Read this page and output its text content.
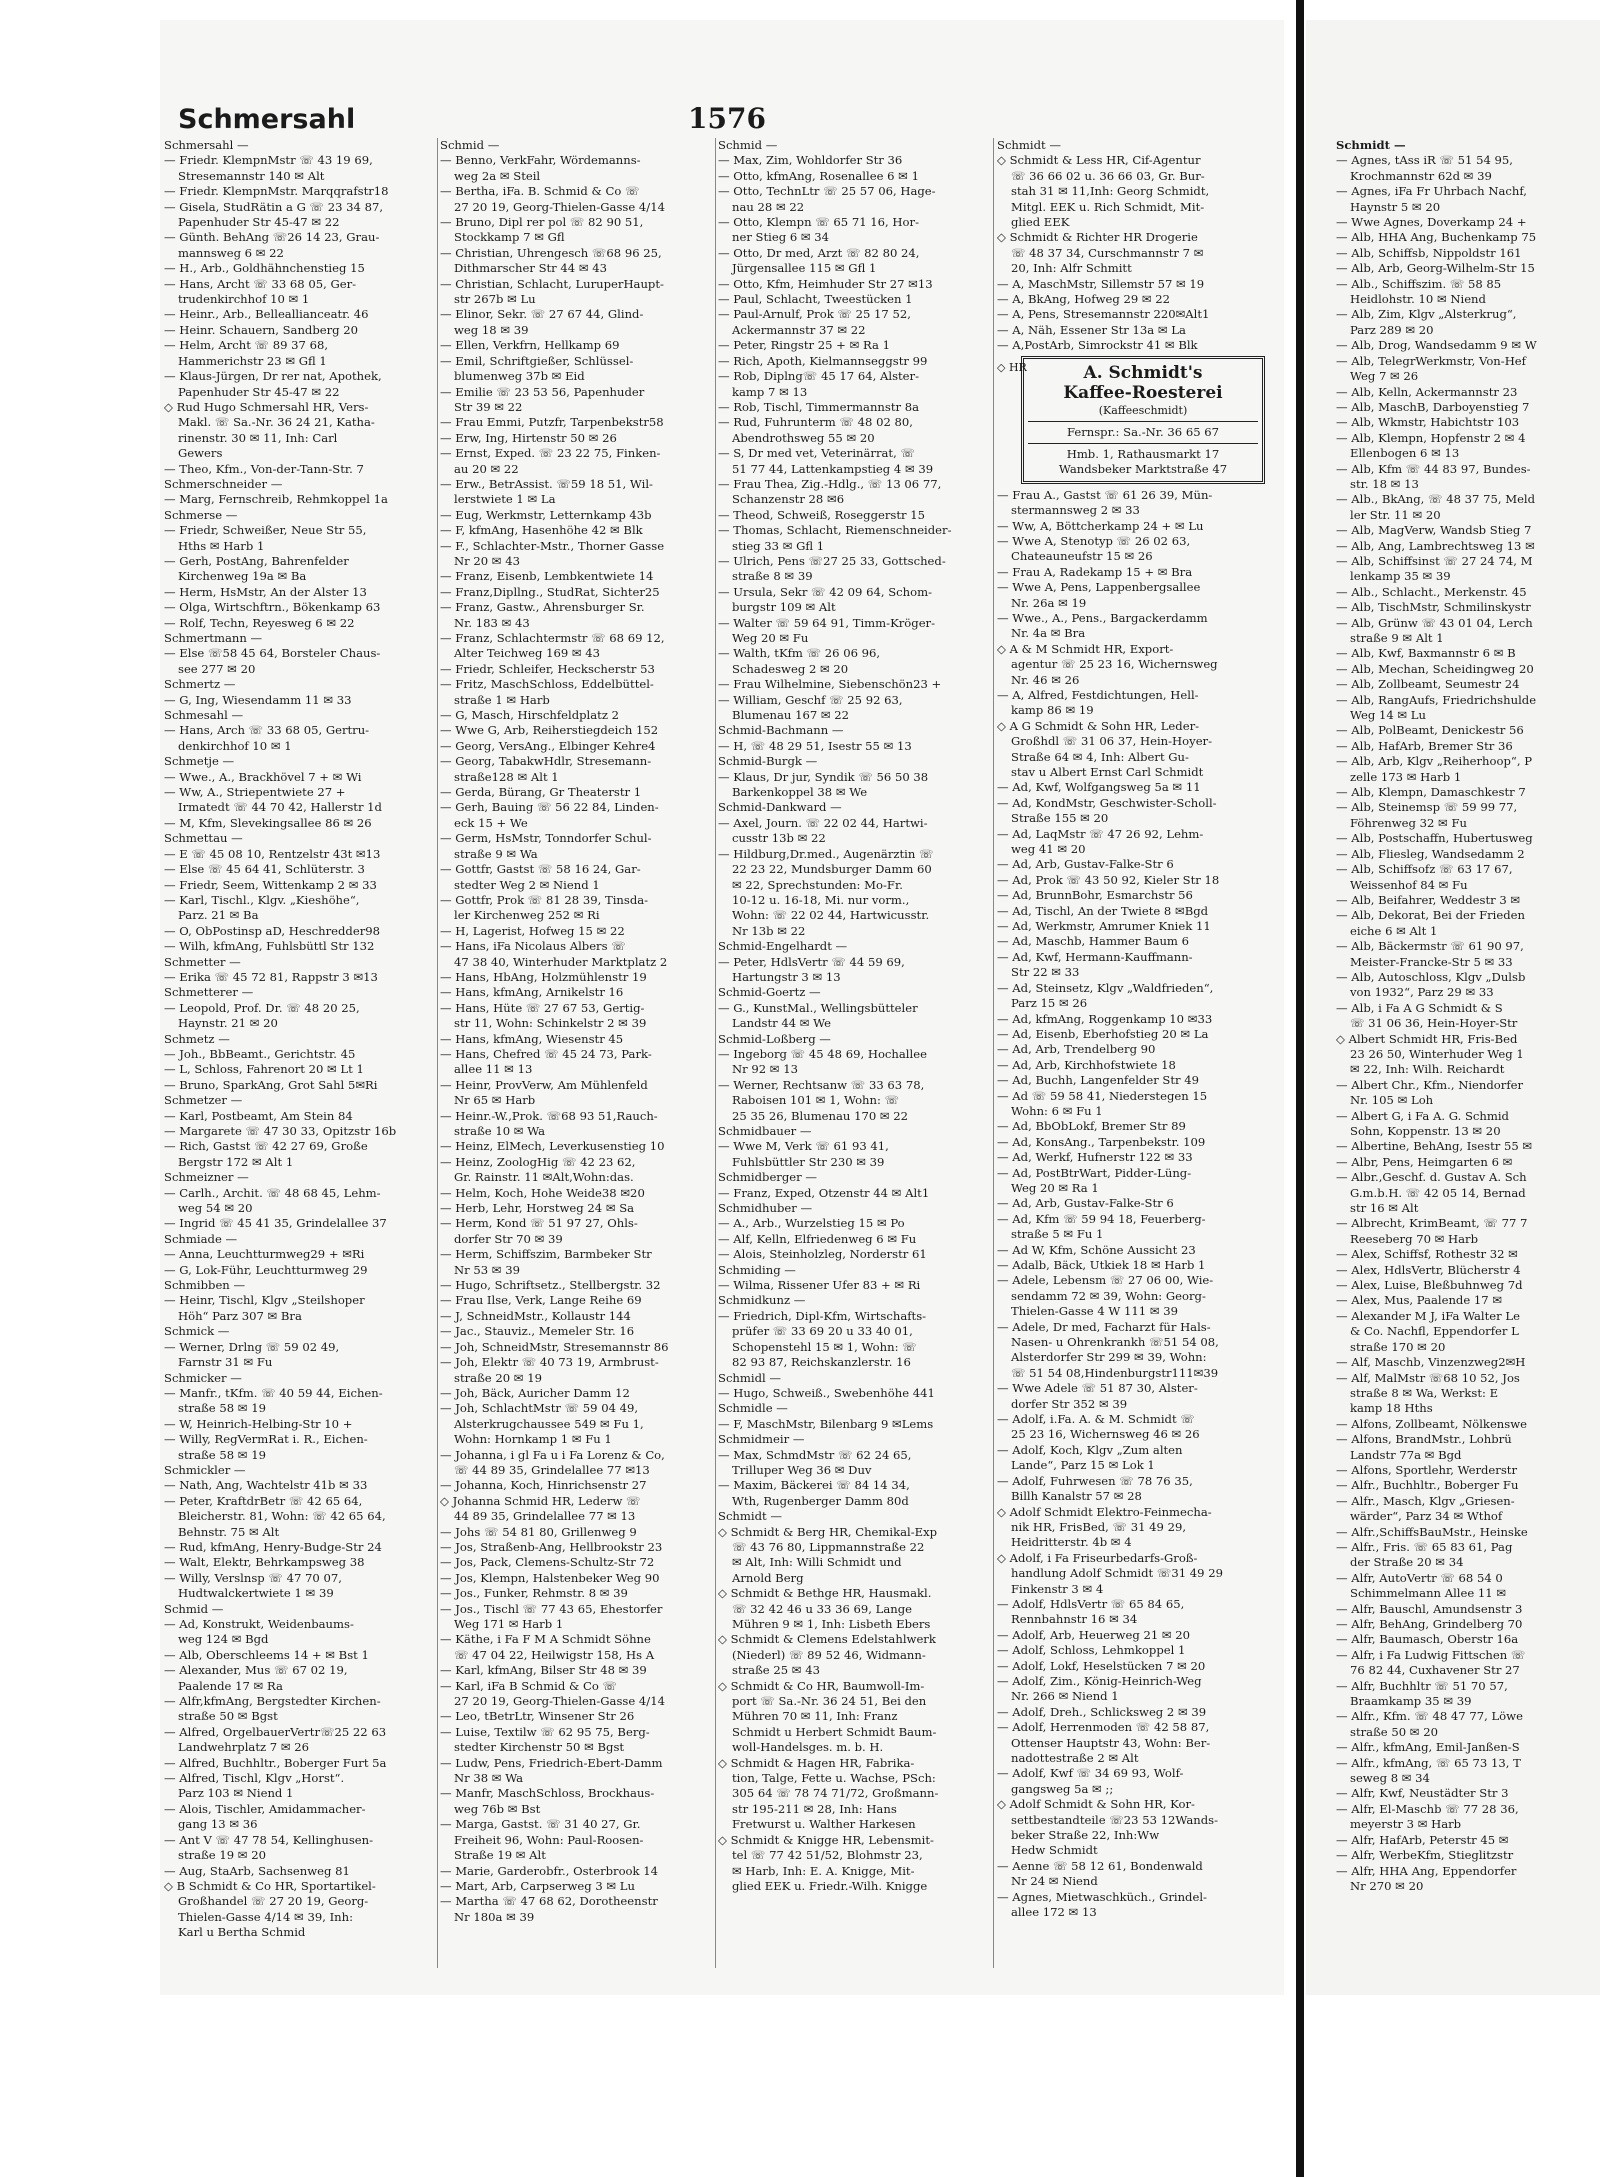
Schmersahl	1576
Schmersahl —
— Friedr. KlempnMstr ☏ 43 19 69,
Stresemannstr 140 ✉ Alt
— Friedr. KlempnMstr. Marqqrafstr18
— Gisela, StudRätin a G ☏ 23 34 87,
Papenhuder Str 45-47 ✉ 22
— Günth. BehAng ☏26 14 23, Grau-
mannsweg 6 ✉ 22
— H., Arb., Goldhähnchenstieg 15
— Hans, Archt ☏ 33 68 05, Ger-
trudenkirchhof 10 ✉ 1
— Heinr., Arb., Belleallianceatr. 46
— Heinr. Schauern, Sandberg 20
— Helm, Archt ☏ 89 37 68,
Hammerichstr 23 ✉ Gfl 1
— Klaus-Jürgen, Dr rer nat, Apothek,
Papenhuder Str 45-47 ✉ 22
◇ Rud Hugo Schmersahl HR, Vers-
Makl. ☏ Sa.-Nr. 36 24 21, Katha-
rinenstr. 30 ✉ 11, Inh: Carl
Gewers
— Theo, Kfm., Von-der-Tann-Str. 7
Schmerschneider —
— Marg, Fernschreib, Rehmkoppel 1a
Schmerse —
— Friedr, Schweißer, Neue Str 55,
Hths ✉ Harb 1
— Gerh, PostAng, Bahrenfelder
Kirchenweg 19a ✉ Ba
— Herm, HsMstr, An der Alster 13
— Olga, Wirtschftrn., Bökenkamp 63
— Rolf, Techn, Reyesweg 6 ✉ 22
Schmertmann —
— Else ☏58 45 64, Borsteler Chaus-
see 277 ✉ 20
Schmertz —
— G, Ing, Wiesendamm 11 ✉ 33
Schmesahl —
— Hans, Arch ☏ 33 68 05, Gertru-
denkirchhof 10 ✉ 1
Schmetje —
— Wwe., A., Brackhövel 7 + ✉ Wi
— Ww, A., Striepentwiete 27 +
Irmatedt ☏ 44 70 42, Hallerstr 1d
— M, Kfm, Slevekingsallee 86 ✉ 26
Schmettau —
— E ☏ 45 08 10, Rentzelstr 43t ✉13
— Else ☏ 45 64 41, Schlüterstr. 3
— Friedr, Seem, Wittenkamp 2 ✉ 33
— Karl, Tischl., Klgv. „Kieshöhe“,
Parz. 21 ✉ Ba
— O, ObPostinsp aD, Heschredder98
— Wilh, kfmAng, Fuhlsbüttl Str 132
Schmetter —
— Erika ☏ 45 72 81, Rappstr 3 ✉13
Schmetterer —
— Leopold, Prof. Dr. ☏ 48 20 25,
Haynstr. 21 ✉ 20
Schmetz —
— Joh., BbBeamt., Gerichtstr. 45
— L, Schloss, Fahrenort 20 ✉ Lt 1
— Bruno, SparkAng, Grot Sahl 5✉Ri
Schmetzer —
— Karl, Postbeamt, Am Stein 84
— Margarete ☏ 47 30 33, Opitzstr 16b
— Rich, Gastst ☏ 42 27 69, Große
Bergstr 172 ✉ Alt 1
Schmeizner —
— Carlh., Archit. ☏ 48 68 45, Lehm-
weg 54 ✉ 20
— Ingrid ☏ 45 41 35, Grindelallee 37
Schmiade —
— Anna, Leuchtturmweg29 + ✉Ri
— G, Lok-Führ, Leuchtturmweg 29
Schmibben —
— Heinr, Tischl, Klgv „Steilshoper
Höh“ Parz 307 ✉ Bra
Schmick —
— Werner, Drlng ☏ 59 02 49,
Farnstr 31 ✉ Fu
Schmicker —
— Manfr., tKfm. ☏ 40 59 44, Eichen-
straße 58 ✉ 19
— W, Heinrich-Helbing-Str 10 +
— Willy, RegVermRat i. R., Eichen-
straße 58 ✉ 19
Schmickler —
— Nath, Ang, Wachtelstr 41b ✉ 33
— Peter, KraftdrBetr ☏ 42 65 64,
Bleicherstr. 81, Wohn: ☏ 42 65 64,
Behnstr. 75 ✉ Alt
— Rud, kfmAng, Henry-Budge-Str 24
— Walt, Elektr, Behrkampsweg 38
— Willy, Verslnsp ☏ 47 70 07,
Hudtwalckertwiete 1 ✉ 39
Schmid —
— Ad, Konstrukt, Weidenbaums-
weg 124 ✉ Bgd
— Alb, Oberschleems 14 + ✉ Bst 1
— Alexander, Mus ☏ 67 02 19,
Paalende 17 ✉ Ra
— Alfr,kfmAng, Bergstedter Kirchen-
straße 50 ✉ Bgst
— Alfred, OrgelbauerVertr☏25 22 63
Landwehrplatz 7 ✉ 26
— Alfred, Buchhltr., Boberger Furt 5a
— Alfred, Tischl, Klgv „Horst“.
Parz 103 ✉ Niend 1
— Alois, Tischler, Amidammacher-
gang 13 ✉ 36
— Ant V ☏ 47 78 54, Kellinghusen-
straße 19 ✉ 20
— Aug, StaArb, Sachsenweg 81
◇ B Schmidt & Co HR, Sportartikel-
Großhandel ☏ 27 20 19, Georg-
Thielen-Gasse 4/14 ✉ 39, Inh:
Karl u Bertha Schmid
Schmid —
— Benno, VerkFahr, Wördemanns-
weg 2a ✉ Steil
— Bertha, iFa. B. Schmid & Co ☏
27 20 19, Georg-Thielen-Gasse 4/14
— Bruno, Dipl rer pol ☏ 82 90 51,
Stockkamp 7 ✉ Gfl
— Christian, Uhrengesch ☏68 96 25,
Dithmarscher Str 44 ✉ 43
— Christian, Schlacht, LuruperHaupt-
str 267b ✉ Lu
— Elinor, Sekr. ☏ 27 67 44, Glind-
weg 18 ✉ 39
— Ellen, Verkfrn, Hellkamp 69
— Emil, Schriftgießer, Schlüssel-
blumenweg 37b ✉ Eid
— Emilie ☏ 23 53 56, Papenhuder
Str 39 ✉ 22
— Frau Emmi, Putzfr, Tarpenbekstr58
— Erw, Ing, Hirtenstr 50 ✉ 26
— Ernst, Exped. ☏ 23 22 75, Finken-
au 20 ✉ 22
— Erw., BetrAssist. ☏59 18 51, Wil-
lerstwiete 1 ✉ La
— Eug, Werkmstr, Letternkamp 43b
— F, kfmAng, Hasenhöhe 42 ✉ Blk
— F., Schlachter-Mstr., Thorner Gasse
Nr 20 ✉ 43
— Franz, Eisenb, Lembkentwiete 14
— Franz,Dipllng., StudRat, Sichter25
— Franz, Gastw., Ahrensburger Sr.
Nr. 183 ✉ 43
— Franz, Schlachtermstr ☏ 68 69 12,
Alter Teichweg 169 ✉ 43
— Friedr, Schleifer, Heckscherstr 53
— Fritz, MaschSchloss, Eddelbüttel-
straße 1 ✉ Harb
— G, Masch, Hirschfeldplatz 2
— Wwe G, Arb, Reiherstiegdeich 152
— Georg, VersAng., Elbinger Kehre4
— Georg, TabakwHdlr, Stresemann-
straße128 ✉ Alt 1
— Gerda, Bürang, Gr Theaterstr 1
— Gerh, Bauing ☏ 56 22 84, Linden-
eck 15 + We
— Germ, HsMstr, Tonndorfer Schul-
straße 9 ✉ Wa
— Gottfr, Gastst ☏ 58 16 24, Gar-
stedter Weg 2 ✉ Niend 1
— Gottfr, Prok ☏ 81 28 39, Tinsda-
ler Kirchenweg 252 ✉ Ri
— H, Lagerist, Hofweg 15 ✉ 22
— Hans, iFa Nicolaus Albers ☏
47 38 40, Winterhuder Marktplatz 2
— Hans, HbAng, Holzmühlenstr 19
— Hans, kfmAng, Arnikelstr 16
— Hans, Hüte ☏ 27 67 53, Gertig-
str 11, Wohn: Schinkelstr 2 ✉ 39
— Hans, kfmAng, Wiesenstr 45
— Hans, Chefred ☏ 45 24 73, Park-
allee 11 ✉ 13
— Heinr, ProvVerw, Am Mühlenfeld
Nr 65 ✉ Harb
— Heinr.-W.,Prok. ☏68 93 51,Rauch-
straße 10 ✉ Wa
— Heinz, ElMech, Leverkusenstieg 10
— Heinz, ZoologHig ☏ 42 23 62,
Gr. Rainstr. 11 ✉Alt,Wohn:das.
— Helm, Koch, Hohe Weide38 ✉20
— Herb, Lehr, Horstweg 24 ✉ Sa
— Herm, Kond ☏ 51 97 27, Ohls-
dorfer Str 70 ✉ 39
— Herm, Schiffszim, Barmbeker Str
Nr 53 ✉ 39
— Hugo, Schriftsetz., Stellbergstr. 32
— Frau Ilse, Verk, Lange Reihe 69
— J, SchneidMstr., Kollaustr 144
— Jac., Stauviz., Memeler Str. 16
— Joh, SchneidMstr, Stresemannstr 86
— Joh, Elektr ☏ 40 73 19, Armbrust-
straße 20 ✉ 19
— Joh, Bäck, Auricher Damm 12
— Joh, SchlachtMstr ☏ 59 04 49,
Alsterkrugchaussee 549 ✉ Fu 1,
Wohn: Hornkamp 1 ✉ Fu 1
— Johanna, i gl Fa u i Fa Lorenz & Co,
☏ 44 89 35, Grindelallee 77 ✉13
— Johanna, Koch, Hinrichsenstr 27
◇ Johanna Schmid HR, Lederw ☏
44 89 35, Grindelallee 77 ✉ 13
— Johs ☏ 54 81 80, Grillenweg 9
— Jos, Straßenb-Ang, Hellbrookstr 23
— Jos, Pack, Clemens-Schultz-Str 72
— Jos, Klempn, Halstenbeker Weg 90
— Jos., Funker, Rehmstr. 8 ✉ 39
— Jos., Tischl ☏ 77 43 65, Ehestorfer
Weg 171 ✉ Harb 1
— Käthe, i Fa F M A Schmidt Söhne
☏ 47 04 22, Heilwigstr 158, Hs A
— Karl, kfmAng, Bilser Str 48 ✉ 39
— Karl, iFa B Schmid & Co ☏
27 20 19, Georg-Thielen-Gasse 4/14
— Leo, tBetrLtr, Winsener Str 26
— Luise, Textilw ☏ 62 95 75, Berg-
stedter Kirchenstr 50 ✉ Bgst
— Ludw, Pens, Friedrich-Ebert-Damm
Nr 38 ✉ Wa
— Manfr, MaschSchloss, Brockhaus-
weg 76b ✉ Bst
— Marga, Gastst. ☏ 31 40 27, Gr.
Freiheit 96, Wohn: Paul-Roosen-
Straße 19 ✉ Alt
— Marie, Garderobfr., Osterbrook 14
— Mart, Arb, Carpserweg 3 ✉ Lu
— Martha ☏ 47 68 62, Dorotheenstr
Nr 180a ✉ 39
Schmid —
— Max, Zim, Wohldorfer Str 36
— Otto, kfmAng, Rosenallee 6 ✉ 1
— Otto, TechnLtr ☏ 25 57 06, Hage-
nau 28 ✉ 22
— Otto, Klempn ☏ 65 71 16, Hor-
ner Stieg 6 ✉ 34
— Otto, Dr med, Arzt ☏ 82 80 24,
Jürgensallee 115 ✉ Gfl 1
— Otto, Kfm, Heimhuder Str 27 ✉13
— Paul, Schlacht, Tweestücken 1
— Paul-Arnulf, Prok ☏ 25 17 52,
Ackermannstr 37 ✉ 22
— Peter, Ringstr 25 + ✉ Ra 1
— Rich, Apoth, Kielmannseggstr 99
— Rob, Diplng☏ 45 17 64, Alster-
kamp 7 ✉ 13
— Rob, Tischl, Timmermannstr 8a
— Rud, Fuhrunterm ☏ 48 02 80,
Abendrothsweg 55 ✉ 20
— S, Dr med vet, Veterinärrat, ☏
51 77 44, Lattenkampstieg 4 ✉ 39
— Frau Thea, Zig.-Hdlg., ☏ 13 06 77,
Schanzenstr 28 ✉6
— Theod, Schweiß, Roseggerstr 15
— Thomas, Schlacht, Riemenschneider-
stieg 33 ✉ Gfl 1
— Ulrich, Pens ☏27 25 33, Gottsched-
straße 8 ✉ 39
— Ursula, Sekr ☏ 42 09 64, Schom-
burgstr 109 ✉ Alt
— Walter ☏ 59 64 91, Timm-Kröger-
Weg 20 ✉ Fu
— Walth, tKfm ☏ 26 06 96,
Schadesweg 2 ✉ 20
— Frau Wilhelmine, Siebenschön23 +
— William, Geschf ☏ 25 92 63,
Blumenau 167 ✉ 22
Schmid-Bachmann —
— H, ☏ 48 29 51, Isestr 55 ✉ 13
Schmid-Burgk —
— Klaus, Dr jur, Syndik ☏ 56 50 38
Barkenkoppel 38 ✉ We
Schmid-Dankward —
— Axel, Journ. ☏ 22 02 44, Hartwi-
cusstr 13b ✉ 22
— Hildburg,Dr.med., Augenärztin ☏
22 23 22, Mundsburger Damm 60
✉ 22, Sprechstunden: Mo-Fr.
10-12 u. 16-18, Mi. nur vorm.,
Wohn: ☏ 22 02 44, Hartwicusstr.
Nr 13b ✉ 22
Schmid-Engelhardt —
— Peter, HdlsVertr ☏ 44 59 69,
Hartungstr 3 ✉ 13
Schmid-Goertz —
— G., KunstMal., Wellingsbütteler
Landstr 44 ✉ We
Schmid-Loßberg —
— Ingeborg ☏ 45 48 69, Hochallee
Nr 92 ✉ 13
— Werner, Rechtsanw ☏ 33 63 78,
Raboisen 101 ✉ 1, Wohn: ☏
25 35 26, Blumenau 170 ✉ 22
Schmidbauer —
— Wwe M, Verk ☏ 61 93 41,
Fuhlsbüttler Str 230 ✉ 39
Schmidberger —
— Franz, Exped, Otzenstr 44 ✉ Alt1
Schmidhuber —
— A., Arb., Wurzelstieg 15 ✉ Po
— Alf, Kelln, Elfriedenweg 6 ✉ Fu
— Alois, Steinholzleg, Norderstr 61
Schmiding —
— Wilma, Rissener Ufer 83 + ✉ Ri
Schmidkunz —
— Friedrich, Dipl-Kfm, Wirtschafts-
prüfer ☏ 33 69 20 u 33 40 01,
Schopenstehl 15 ✉ 1, Wohn: ☏
82 93 87, Reichskanzlerstr. 16
Schmidl —
— Hugo, Schweiß., Swebenhöhe 441
Schmidle —
— F, MaschMstr, Bilenbarg 9 ✉Lems
Schmidmeir —
— Max, SchmdMstr ☏ 62 24 65,
Trilluper Weg 36 ✉ Duv
— Maxim, Bäckerei ☏ 84 14 34,
Wth, Rugenberger Damm 80d
Schmidt —
◇ Schmidt & Berg HR, Chemikal-Exp
☏ 43 76 80, Lippmannstraße 22
✉ Alt, Inh: Willi Schmidt und
Arnold Berg
◇ Schmidt & Bethge HR, Hausmakl.
☏ 32 42 46 u 33 36 69, Lange
Mühren 9 ✉ 1, Inh: Lisbeth Ebers
◇ Schmidt & Clemens Edelstahlwerk
(Niederl) ☏ 89 52 46, Widmann-
straße 25 ✉ 43
◇ Schmidt & Co HR, Baumwoll-Im-
port ☏ Sa.-Nr. 36 24 51, Bei den
Mühren 70 ✉ 11, Inh: Franz
Schmidt u Herbert Schmidt Baum-
woll-Handelsges. m. b. H.
◇ Schmidt & Hagen HR, Fabrika-
tion, Talge, Fette u. Wachse, PSch:
305 64 ☏ 78 74 71/72, Großmann-
str 195-211 ✉ 28, Inh: Hans
Fretwurst u. Walther Harkesen
◇ Schmidt & Knigge HR, Lebensmit-
tel ☏ 77 42 51/52, Blohmstr 23,
✉ Harb, Inh: E. A. Knigge, Mit-
glied EEK u. Friedr.-Wilh. Knigge
Schmidt —
◇ Schmidt & Less HR, Cif-Agentur
☏ 36 66 02 u. 36 66 03, Gr. Bur-
stah 31 ✉ 11,Inh: Georg Schmidt,
Mitgl. EEK u. Rich Schmidt, Mit-
glied EEK
◇ Schmidt & Richter HR Drogerie
☏ 48 37 34, Curschmannstr 7 ✉
20, Inh: Alfr Schmitt
— A, MaschMstr, Sillemstr 57 ✉ 19
— A, BkAng, Hofweg 29 ✉ 22
— A, Pens, Stresemannstr 220✉Alt1
— A, Näh, Essener Str 13a ✉ La
— A,PostArb, Simrockstr 41 ✉ Blk
◇ HR	A. Schmidt's
Kaffee-Roesterei
(Kaffeeschmidt)
Fernspr.: Sa.-Nr. 36 65 67
Hmb. 1, Rathausmarkt 17
Wandsbeker Marktstraße 47
— Frau A., Gastst ☏ 61 26 39, Mün-
stermannsweg 2 ✉ 33
— Ww, A, Böttcherkamp 24 + ✉ Lu
— Wwe A, Stenotyp ☏ 26 02 63,
Chateauneufstr 15 ✉ 26
— Frau A, Radekamp 15 + ✉ Bra
— Wwe A, Pens, Lappenbergsallee
Nr. 26a ✉ 19
— Wwe., A., Pens., Bargackerdamm
Nr. 4a ✉ Bra
◇ A & M Schmidt HR, Export-
agentur ☏ 25 23 16, Wichernsweg
Nr. 46 ✉ 26
— A, Alfred, Festdichtungen, Hell-
kamp 86 ✉ 19
◇ A G Schmidt & Sohn HR, Leder-
Großhdl ☏ 31 06 37, Hein-Hoyer-
Straße 64 ✉ 4, Inh: Albert Gu-
stav u Albert Ernst Carl Schmidt
— Ad, Kwf, Wolfgangsweg 5a ✉ 11
— Ad, KondMstr, Geschwister-Scholl-
Straße 155 ✉ 20
— Ad, LaqMstr ☏ 47 26 92, Lehm-
weg 41 ✉ 20
— Ad, Arb, Gustav-Falke-Str 6
— Ad, Prok ☏ 43 50 92, Kieler Str 18
— Ad, BrunnBohr, Esmarchstr 56
— Ad, Tischl, An der Twiete 8 ✉Bgd
— Ad, Werkmstr, Amrumer Kniek 11
— Ad, Maschb, Hammer Baum 6
— Ad, Kwf, Hermann-Kauffmann-
Str 22 ✉ 33
— Ad, Steinsetz, Klgv „Waldfrieden“,
Parz 15 ✉ 26
— Ad, kfmAng, Roggenkamp 10 ✉33
— Ad, Eisenb, Eberhofstieg 20 ✉ La
— Ad, Arb, Trendelberg 90
— Ad, Arb, Kirchhofstwiete 18
— Ad, Buchh, Langenfelder Str 49
— Ad ☏ 59 58 41, Niederstegen 15
Wohn: 6 ✉ Fu 1
— Ad, BbObLokf, Bremer Str 89
— Ad, KonsAng., Tarpenbekstr. 109
— Ad, Werkf, Hufnerstr 122 ✉ 33
— Ad, PostBtrWart, Pidder-Lüng-
Weg 20 ✉ Ra 1
— Ad, Arb, Gustav-Falke-Str 6
— Ad, Kfm ☏ 59 94 18, Feuerberg-
straße 5 ✉ Fu 1
— Ad W, Kfm, Schöne Aussicht 23
— Adalb, Bäck, Utkiek 18 ✉ Harb 1
— Adele, Lebensm ☏ 27 06 00, Wie-
sendamm 72 ✉ 39, Wohn: Georg-
Thielen-Gasse 4 W 111 ✉ 39
— Adele, Dr med, Facharzt für Hals-
Nasen- u Ohrenkrankh ☏51 54 08,
Alsterdorfer Str 299 ✉ 39, Wohn:
☏ 51 54 08,Hindenburgstr111✉39
— Wwe Adele ☏ 51 87 30, Alster-
dorfer Str 352 ✉ 39
— Adolf, i.Fa. A. & M. Schmidt ☏
25 23 16, Wichernsweg 46 ✉ 26
— Adolf, Koch, Klgv „Zum alten
Lande“, Parz 15 ✉ Lok 1
— Adolf, Fuhrwesen ☏ 78 76 35,
Billh Kanalstr 57 ✉ 28
◇ Adolf Schmidt Elektro-Feinmecha-
nik HR, FrisBed, ☏ 31 49 29,
Heidritterstr. 4b ✉ 4
◇ Adolf, i Fa Friseurbedarfs-Groß-
handlung Adolf Schmidt ☏31 49 29
Finkenstr 3 ✉ 4
— Adolf, HdlsVertr ☏ 65 84 65,
Rennbahnstr 16 ✉ 34
— Adolf, Arb, Heuerweg 21 ✉ 20
— Adolf, Schloss, Lehmkoppel 1
— Adolf, Lokf, Heselstücken 7 ✉ 20
— Adolf, Zim., König-Heinrich-Weg
Nr. 266 ✉ Niend 1
— Adolf, Dreh., Schlicksweg 2 ✉ 39
— Adolf, Herrenmoden ☏ 42 58 87,
Ottenser Hauptstr 43, Wohn: Ber-
nadottestraße 2 ✉ Alt
— Adolf, Kwf ☏ 34 69 93, Wolf-
gangsweg 5a ✉ ;;
◇ Adolf Schmidt & Sohn HR, Kor-
settbestandteile ☏23 53 12Wands-
beker Straße 22, Inh:Ww
Hedw Schmidt
— Aenne ☏ 58 12 61, Bondenwald
Nr 24 ✉ Niend
— Agnes, Mietwaschküch., Grindel-
allee 172 ✉ 13
Schmidt —
— Agnes, tAss iR ☏ 51 54 95,
Krochmannstr 62d ✉ 39
— Agnes, iFa Fr Uhrbach Nachf,
Haynstr 5 ✉ 20
— Wwe Agnes, Doverkamp 24 +
— Alb, HHA Ang, Buchenkamp 75
— Alb, Schiffsb, Nippoldstr 161
— Alb, Arb, Georg-Wilhelm-Str 15
— Alb., Schiffszim. ☏ 58 85
Heidlohstr. 10 ✉ Niend
— Alb, Zim, Klgv „Alsterkrug“,
Parz 289 ✉ 20
— Alb, Drog, Wandsedamm 9 ✉ W
— Alb, TelegrWerkmstr, Von-Hef
Weg 7 ✉ 26
— Alb, Kelln, Ackermannstr 23
— Alb, MaschB, Darboyenstieg 7
— Alb, Wkmstr, Habichtstr 103
— Alb, Klempn, Hopfenstr 2 ✉ 4
Ellenbogen 6 ✉ 13
— Alb, Kfm ☏ 44 83 97, Bundes-
str. 18 ✉ 13
— Alb., BkAng, ☏ 48 37 75, Meld
ler Str. 11 ✉ 20
— Alb, MagVerw, Wandsb Stieg 7
— Alb, Ang, Lambrechtsweg 13 ✉
— Alb, Schiffsinst ☏ 27 24 74, M
lenkamp 35 ✉ 39
— Alb., Schlacht., Merkenstr. 45
— Alb, TischMstr, Schmilinskystr
— Alb, Grünw ☏ 43 01 04, Lerch
straße 9 ✉ Alt 1
— Alb, Kwf, Baxmannstr 6 ✉ B
— Alb, Mechan, Scheidingweg 20
— Alb, Zollbeamt, Seumestr 24
— Alb, RangAufs, Friedrichshulde
Weg 14 ✉ Lu
— Alb, PolBeamt, Denickestr 56
— Alb, HafArb, Bremer Str 36
— Alb, Arb, Klgv „Reiherhoop“, P
zelle 173 ✉ Harb 1
— Alb, Klempn, Damaschkestr 7
— Alb, Steinemsp ☏ 59 99 77,
Föhrenweg 32 ✉ Fu
— Alb, Postschaffn, Hubertusweg
— Alb, Fliesleg, Wandsedamm 2
— Alb, Schiffsofz ☏ 63 17 67,
Weissenhof 84 ✉ Fu
— Alb, Beifahrer, Weddestr 3 ✉
— Alb, Dekorat, Bei der Frieden
eiche 6 ✉ Alt 1
— Alb, Bäckermstr ☏ 61 90 97,
Meister-Francke-Str 5 ✉ 33
— Alb, Autoschloss, Klgv „Dulsb
von 1932“, Parz 29 ✉ 33
— Alb, i Fa A G Schmidt & S
☏ 31 06 36, Hein-Hoyer-Str
◇ Albert Schmidt HR, Fris-Bed
23 26 50, Winterhuder Weg 1
✉ 22, Inh: Wilh. Reichardt
— Albert Chr., Kfm., Niendorfer
Nr. 105 ✉ Loh
— Albert G, i Fa A. G. Schmid
Sohn, Koppenstr. 13 ✉ 20
— Albertine, BehAng, Isestr 55 ✉
— Albr, Pens, Heimgarten 6 ✉
— Albr.,Geschf. d. Gustav A. Sch
G.m.b.H. ☏ 42 05 14, Bernad
str 16 ✉ Alt
— Albrecht, KrimBeamt, ☏ 77 7
Reeseberg 70 ✉ Harb
— Alex, Schiffsf, Rothestr 32 ✉
— Alex, HdlsVertr, Blücherstr 4
— Alex, Luise, Bleßbuhnweg 7d
— Alex, Mus, Paalende 17 ✉
— Alexander M J, iFa Walter Le
& Co. Nachfl, Eppendorfer L
straße 170 ✉ 20
— Alf, Maschb, Vinzenzweg2✉H
— Alf, MalMstr ☏68 10 52, Jos
straße 8 ✉ Wa, Werkst: E
kamp 18 Hths
— Alfons, Zollbeamt, Nölkenswe
— Alfons, BrandMstr., Lohbrü
Landstr 77a ✉ Bgd
— Alfons, Sportlehr, Werderstr
— Alfr., Buchhltr., Boberger Fu
— Alfr., Masch, Klgv „Griesen-
wärder“, Parz 34 ✉ Wthof
— Alfr.,SchiffsBauMstr., Heinske
— Alfr., Fris. ☏ 65 83 61, Pag
der Straße 20 ✉ 34
— Alfr, AutoVertr ☏ 68 54 0
Schimmelmann Allee 11 ✉
— Alfr, Bauschl, Amundsenstr 3
— Alfr, BehAng, Grindelberg 70
— Alfr, Baumasch, Oberstr 16a
— Alfr, i Fa Ludwig Fittschen ☏
76 82 44, Cuxhavener Str 27
— Alfr, Buchhltr ☏ 51 70 57,
Braamkamp 35 ✉ 39
— Alfr., Kfm. ☏ 48 47 77, Löwe
straße 50 ✉ 20
— Alfr., kfmAng, Emil-Janßen-S
— Alfr., kfmAng, ☏ 65 73 13, T
seweg 8 ✉ 34
— Alfr, Kwf, Neustädter Str 3
— Alfr, El-Maschb ☏ 77 28 36,
meyerstr 3 ✉ Harb
— Alfr, HafArb, Peterstr 45 ✉
— Alfr, WerbeKfm, Stieglitzstr
— Alfr, HHA Ang, Eppendorfer
Nr 270 ✉ 20
